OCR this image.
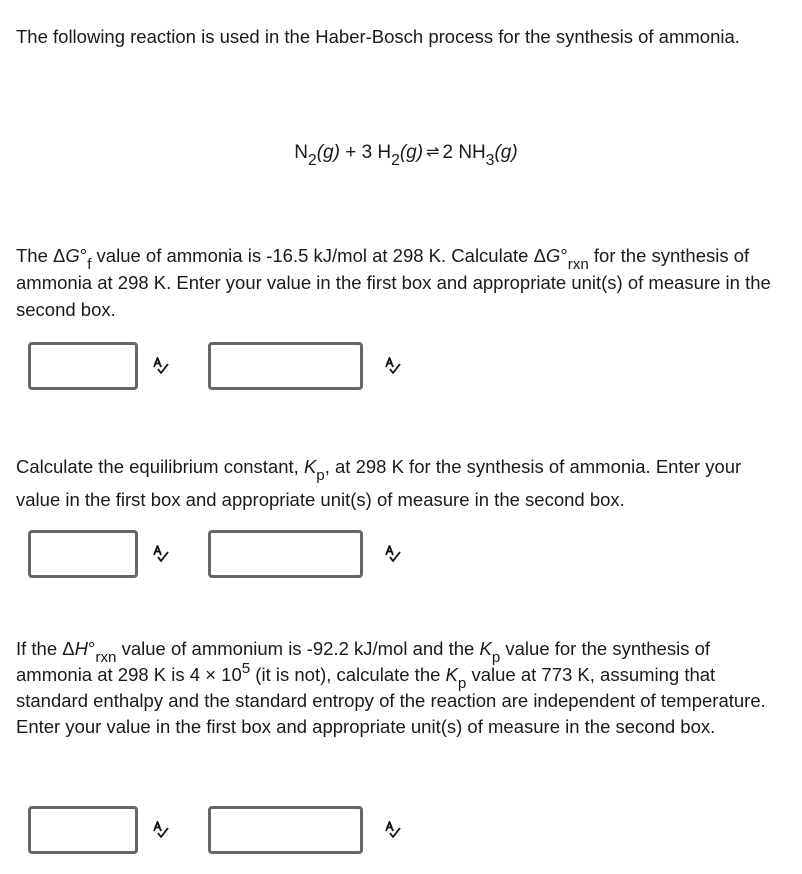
The following reaction is used in the Haber-Bosch process for the synthesis of ammonia.

$N_2(g) + 3$ $H_2(g)$ ⇌ 2 $NH_3(g)$

The $\Delta G^\circ_f$ value of ammonia is -16.5 kJ/mol at 298 K. Calculate $\Delta G^\circ_{rxn}$ for the synthesis of ammonia at 298 K. Enter your value in the first box and appropriate unit(s) of measure in the second box.

Calculate the equilibrium constant, $K_p$, at 298 K for the synthesis of ammonia. Enter your value in the first box and appropriate unit(s) of measure in the second box.

If the $\Delta H^\circ_{rxn}$ value of ammonium is -92.2 kJ/mol and the $K_p$ value for the synthesis of ammonia at 298 K is $4 \times 10^5$ (it is not), calculate the $K_p$ value at 773 K, assuming that standard enthalpy and the standard entropy of the reaction are independent of temperature. Enter your value in the first box and appropriate unit(s) of measure in the second box.
